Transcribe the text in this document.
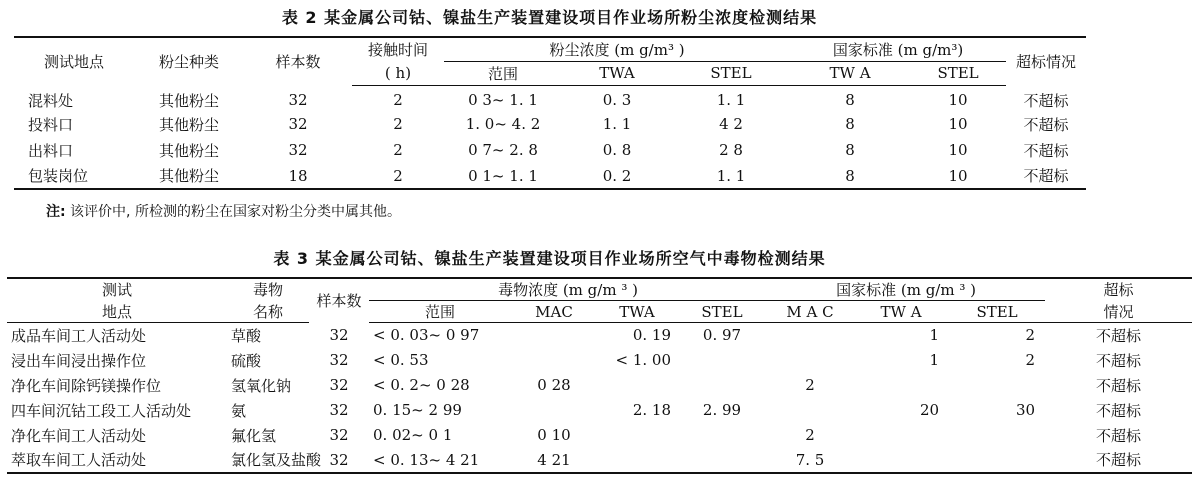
表 2 某金属公司钴、镍盐生产装置建设项目作业场所粉尘浓度检测结果
测试地点	粉尘种类	样本数	接触时间	粉尘浓度 (m g/m³ )			国家标准 (m g/m³)		超标情况
			( h)	范围	TWA	STEL	TW A	STEL	
混料处	其他粉尘	32	2	0 3~ 1. 1	0. 3	1. 1	8	10	不超标
投料口	其他粉尘	32	2	1. 0~ 4. 2	1. 1	4 2	8	10	不超标
出料口	其他粉尘	32	2	0 7~ 2. 8	0. 8	2 8	8	10	不超标
包装岗位	其他粉尘	18	2	0 1~ 1. 1	0. 2	1. 1	8	10	不超标
注: 该评价中, 所检测的粉尘在国家对粉尘分类中属其他。
表 3 某金属公司钴、镍盐生产装置建设项目作业场所空气中毒物检测结果
测试	毒物	样本数	毒物浓度 (m g/m ³ )				国家标准 (m g/m ³ )			超标
地点	名称		范围	MAC	TWA	STEL	M A C	TW A	STEL	情况
成品车间工人活动处	草酸	32	< 0. 03~ 0 97		0. 19	0. 97		1	2	不超标
浸出车间浸出操作位	硫酸	32	< 0. 53		< 1. 00			1	2	不超标
净化车间除钙镁操作位	氢氧化钠	32	< 0. 2~ 0 28	0 28			2			不超标
四车间沉钴工段工人活动处	氨	32	0. 15~ 2 99		2. 18	2. 99		20	30	不超标
净化车间工人活动处	氟化氢	32	0. 02~ 0 1	0 10			2			不超标
萃取车间工人活动处	氯化氢及盐酸	32	< 0. 13~ 4 21	4 21			7. 5			不超标
